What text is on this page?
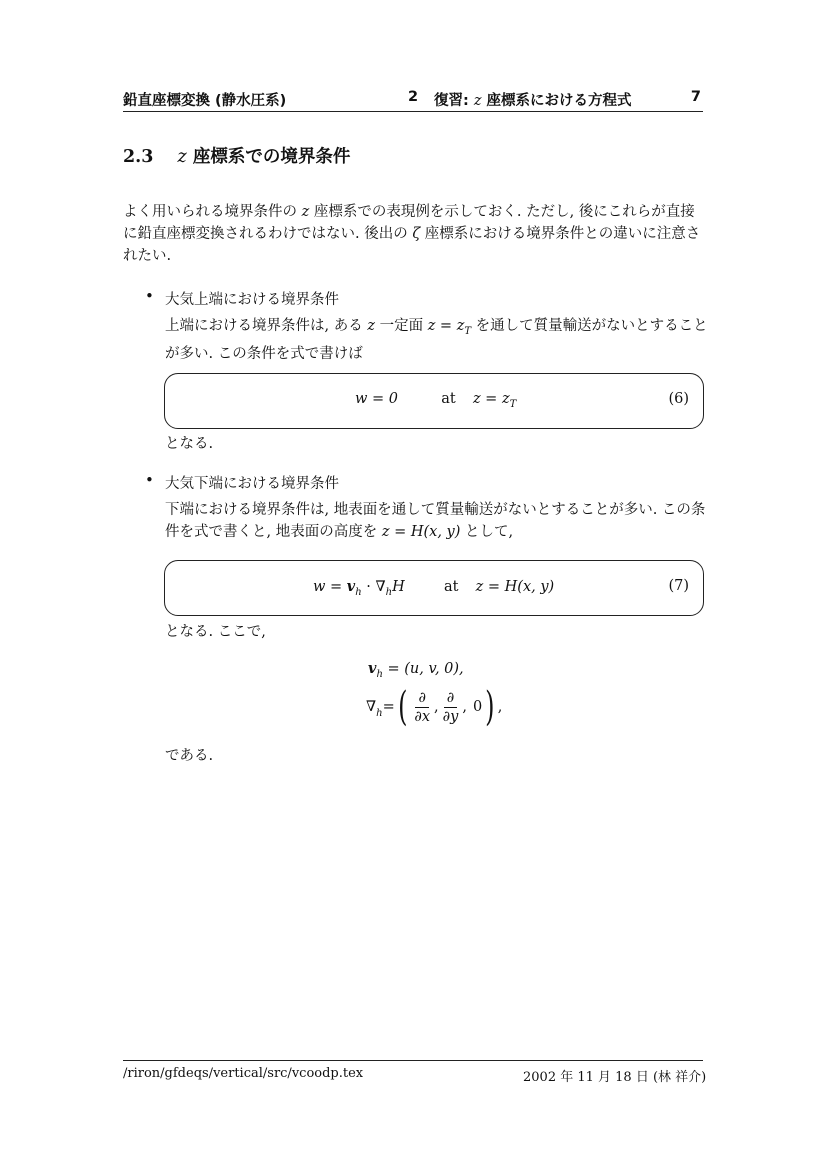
鉛直座標変換 (静水圧系)	2 復習: z 座標系における方程式	7
2.3 z 座標系での境界条件
よく用いられる境界条件の z 座標系での表現例を示しておく. ただし, 後にこれらが直接に鉛直座標変換されるわけではない. 後出の ζ 座標系における境界条件との違いに注意されたい.
• 大気上端における境界条件
上端における境界条件は, ある z 一定面 $z = z_T$ を通して質量輸送がないとすることが多い. この条件を式で書けば
w = 0	at $z = z_T$	(6)
となる.
• 大気下端における境界条件
下端における境界条件は, 地表面を通して質量輸送がないとすることが多い. この条件を式で書くと, 地表面の高度を z = H(x, y) として,
$w = v_h \cdot \nabla_hH$	at z = H(x, y)	(7)
となる. ここで,
$v_h = (u$, v, 0),
$\nabla_h$ = ( $\frac{\partial}{\partial x}$ , $\frac{\partial}{\partial y}$ , 0 ) ,
である.
/riron/gfdeqs/vertical/src/vcoodp.tex	2002 年 11 月 18 日 (林 祥介)
